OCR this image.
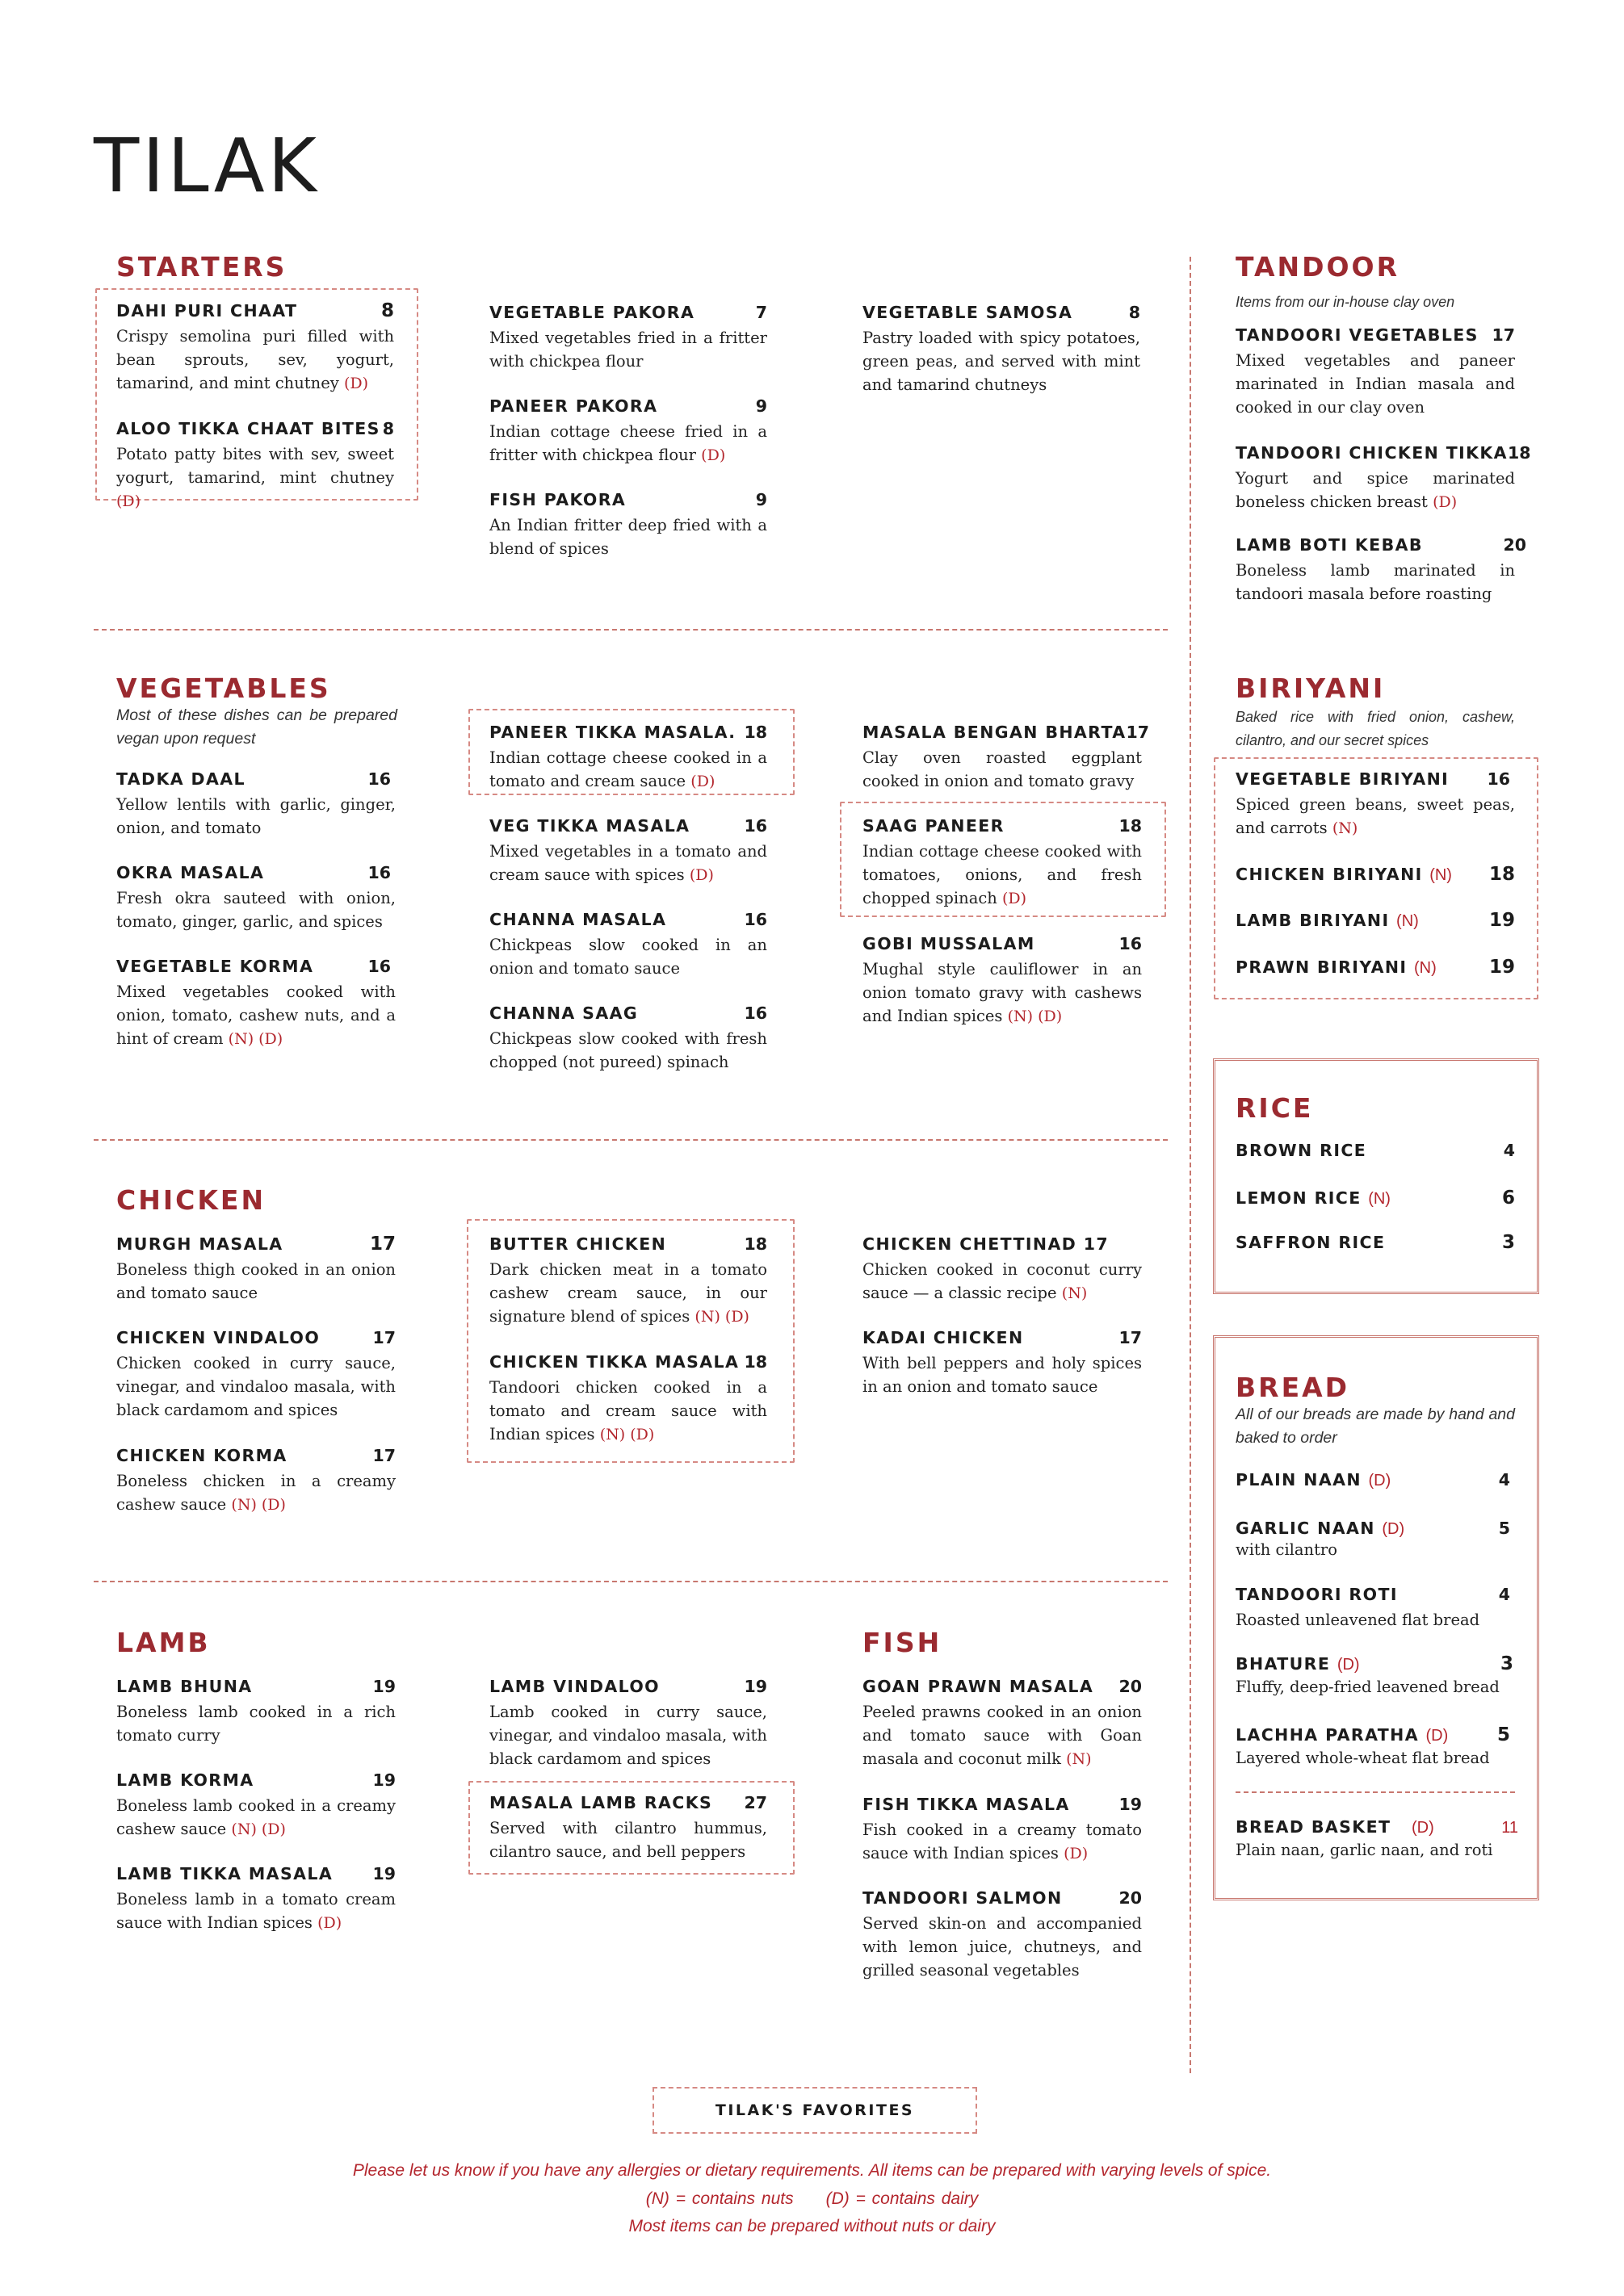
TILAK
STARTERS
DAHI PURI CHAAT	8
Crispy semolina puri filled with bean sprouts, sev, yogurt, tamarind, and mint chutney (D)
ALOO TIKKA CHAAT BITES 8
Potato patty bites with sev, sweet yogurt, tamarind, mint chutney (D)
VEGETABLE PAKORA	7
Mixed vegetables fried in a fritter with chickpea flour
PANEER PAKORA	9
Indian cottage cheese fried in a fritter with chickpea flour (D)
FISH PAKORA	9
An Indian fritter deep fried with a blend of spices
VEGETABLE SAMOSA	8
Pastry loaded with spicy potatoes, green peas, and served with mint and tamarind chutneys
TANDOOR
Items from our in-house clay oven
TANDOORI VEGETABLES 17
Mixed vegetables and paneer marinated in Indian masala and cooked in our clay oven
TANDOORI CHICKEN TIKKA 18
Yogurt and spice marinated boneless chicken breast (D)
LAMB BOTI KEBAB	20
Boneless lamb marinated in tandoori masala before roasting
VEGETABLES
Most of these dishes can be prepared vegan upon request
TADKA DAAL	16
Yellow lentils with garlic, ginger, onion, and tomato
OKRA MASALA	16
Fresh okra sauteed with onion, tomato, ginger, garlic, and spices
VEGETABLE KORMA	16
Mixed vegetables cooked with onion, tomato, cashew nuts, and a hint of cream (N) (D)
PANEER TIKKA MASALA. 18
Indian cottage cheese cooked in a tomato and cream sauce (D)
VEG TIKKA MASALA	16
Mixed vegetables in a tomato and cream sauce with spices (D)
CHANNA MASALA	16
Chickpeas slow cooked in an onion and tomato sauce
CHANNA SAAG	16
Chickpeas slow cooked with fresh chopped (not pureed) spinach
MASALA BENGAN BHARTA 17
Clay oven roasted eggplant cooked in onion and tomato gravy
SAAG PANEER	18
Indian cottage cheese cooked with tomatoes, onions, and fresh chopped spinach (D)
GOBI MUSSALAM	16
Mughal style cauliflower in an onion tomato gravy with cashews and Indian spices (N) (D)
BIRIYANI
Baked rice with fried onion, cashew, cilantro, and our secret spices
VEGETABLE BIRIYANI 16
Spiced green beans, sweet peas, and carrots (N)
CHICKEN BIRIYANI (N) 18
LAMB BIRIYANI (N)	19
PRAWN BIRIYANI (N)	19
RICE
BROWN RICE	4
LEMON RICE (N)	6
SAFFRON RICE	3
CHICKEN
MURGH MASALA	17
Boneless thigh cooked in an onion and tomato sauce
CHICKEN VINDALOO	17
Chicken cooked in curry sauce, vinegar, and vindaloo masala, with black cardamom and spices
CHICKEN KORMA	17
Boneless chicken in a creamy cashew sauce (N) (D)
BUTTER CHICKEN	18
Dark chicken meat in a tomato cashew cream sauce, in our signature blend of spices (N) (D)
CHICKEN TIKKA MASALA 18
Tandoori chicken cooked in a tomato and cream sauce with Indian spices (N) (D)
CHICKEN CHETTINAD 17
Chicken cooked in coconut curry sauce — a classic recipe (N)
KADAI CHICKEN	17
With bell peppers and holy spices in an onion and tomato sauce	BREAD
All of our breads are made by hand and baked to order
PLAIN NAAN (D)	4
GARLIC NAAN (D)	5
with cilantro
TANDOORI ROTI	4
Roasted unleavened flat bread
BHATURE (D)	3
Fluffy, deep-fried leavened bread
LACHHA PARATHA (D)	5
Layered whole-wheat flat bread
BREAD BASKET (D)	11
Plain naan, garlic naan, and roti
LAMB
LAMB BHUNA	19
Boneless lamb cooked in a rich tomato curry
LAMB KORMA	19
Boneless lamb cooked in a creamy cashew sauce (N) (D)
LAMB TIKKA MASALA 19
Boneless lamb in a tomato cream sauce with Indian spices (D)
LAMB VINDALOO	19
Lamb cooked in curry sauce, vinegar, and vindaloo masala, with black cardamom and spices
MASALA LAMB RACKS 27
Served with cilantro hummus, cilantro sauce, and bell peppers
FISH
GOAN PRAWN MASALA 20
Peeled prawns cooked in an onion and tomato sauce with Goan masala and coconut milk (N)
FISH TIKKA MASALA	19
Fish cooked in a creamy tomato sauce with Indian spices (D)
TANDOORI SALMON	20
Served skin-on and accompanied with lemon juice, chutneys, and grilled seasonal vegetables
TILAK'S FAVORITES
Please let us know if you have any allergies or dietary requirements. All items can be prepared with varying levels of spice.
(N) = contains nuts (D) = contains dairy
Most items can be prepared without nuts or dairy
